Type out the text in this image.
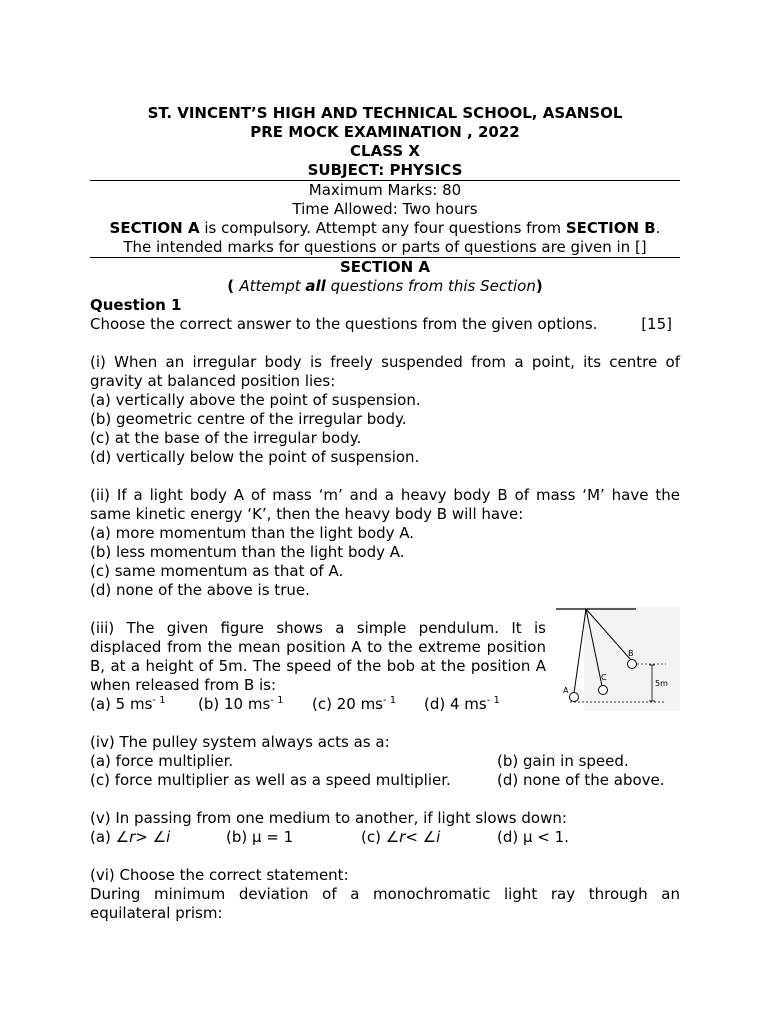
ST. VINCENT’S HIGH AND TECHNICAL SCHOOL, ASANSOL
PRE MOCK EXAMINATION , 2022
CLASS X
SUBJECT: PHYSICS
Maximum Marks: 80
Time Allowed: Two hours
SECTION A is compulsory. Attempt any four questions from SECTION B.
The intended marks for questions or parts of questions are given in []
SECTION A
( Attempt all questions from this Section)
Question 1
Choose the correct answer to the questions from the given options.	[15]
(i) When an irregular body is freely suspended from a point, its centre of
gravity at balanced position lies:
(a) vertically above the point of suspension.
(b) geometric centre of the irregular body.
(c) at the base of the irregular body.
(d) vertically below the point of suspension.
(ii) If a light body A of mass ‘m’ and a heavy body B of mass ‘M’ have the
same kinetic energy ‘K’, then the heavy body B will have:
(a) more momentum than the light body A.
(b) less momentum than the light body A.
(c) same momentum as that of A.
(d) none of the above is true.
(iii) The given figure shows a simple pendulum. It is
displaced from the mean position A to the extreme position
B, at a height of 5m. The speed of the bob at the position A
when released from B is:
(a) 5 $ms^{- 1}$	(b) 10 $ms^{- 1}$	(c) 20 $ms^{- 1}$	(d) 4 $ms^{- 1}$
A
C
B
5m
(iv) The pulley system always acts as a:
(a) force multiplier.	(b) gain in speed.
(c) force multiplier as well as a speed multiplier.	(d) none of the above.
(v) In passing from one medium to another, if light slows down:
(a) ∠r> ∠i	(b) μ = 1	(c) ∠r< ∠i	(d) μ < 1.
(vi) Choose the correct statement:
During minimum deviation of a monochromatic light ray through an
equilateral prism:
